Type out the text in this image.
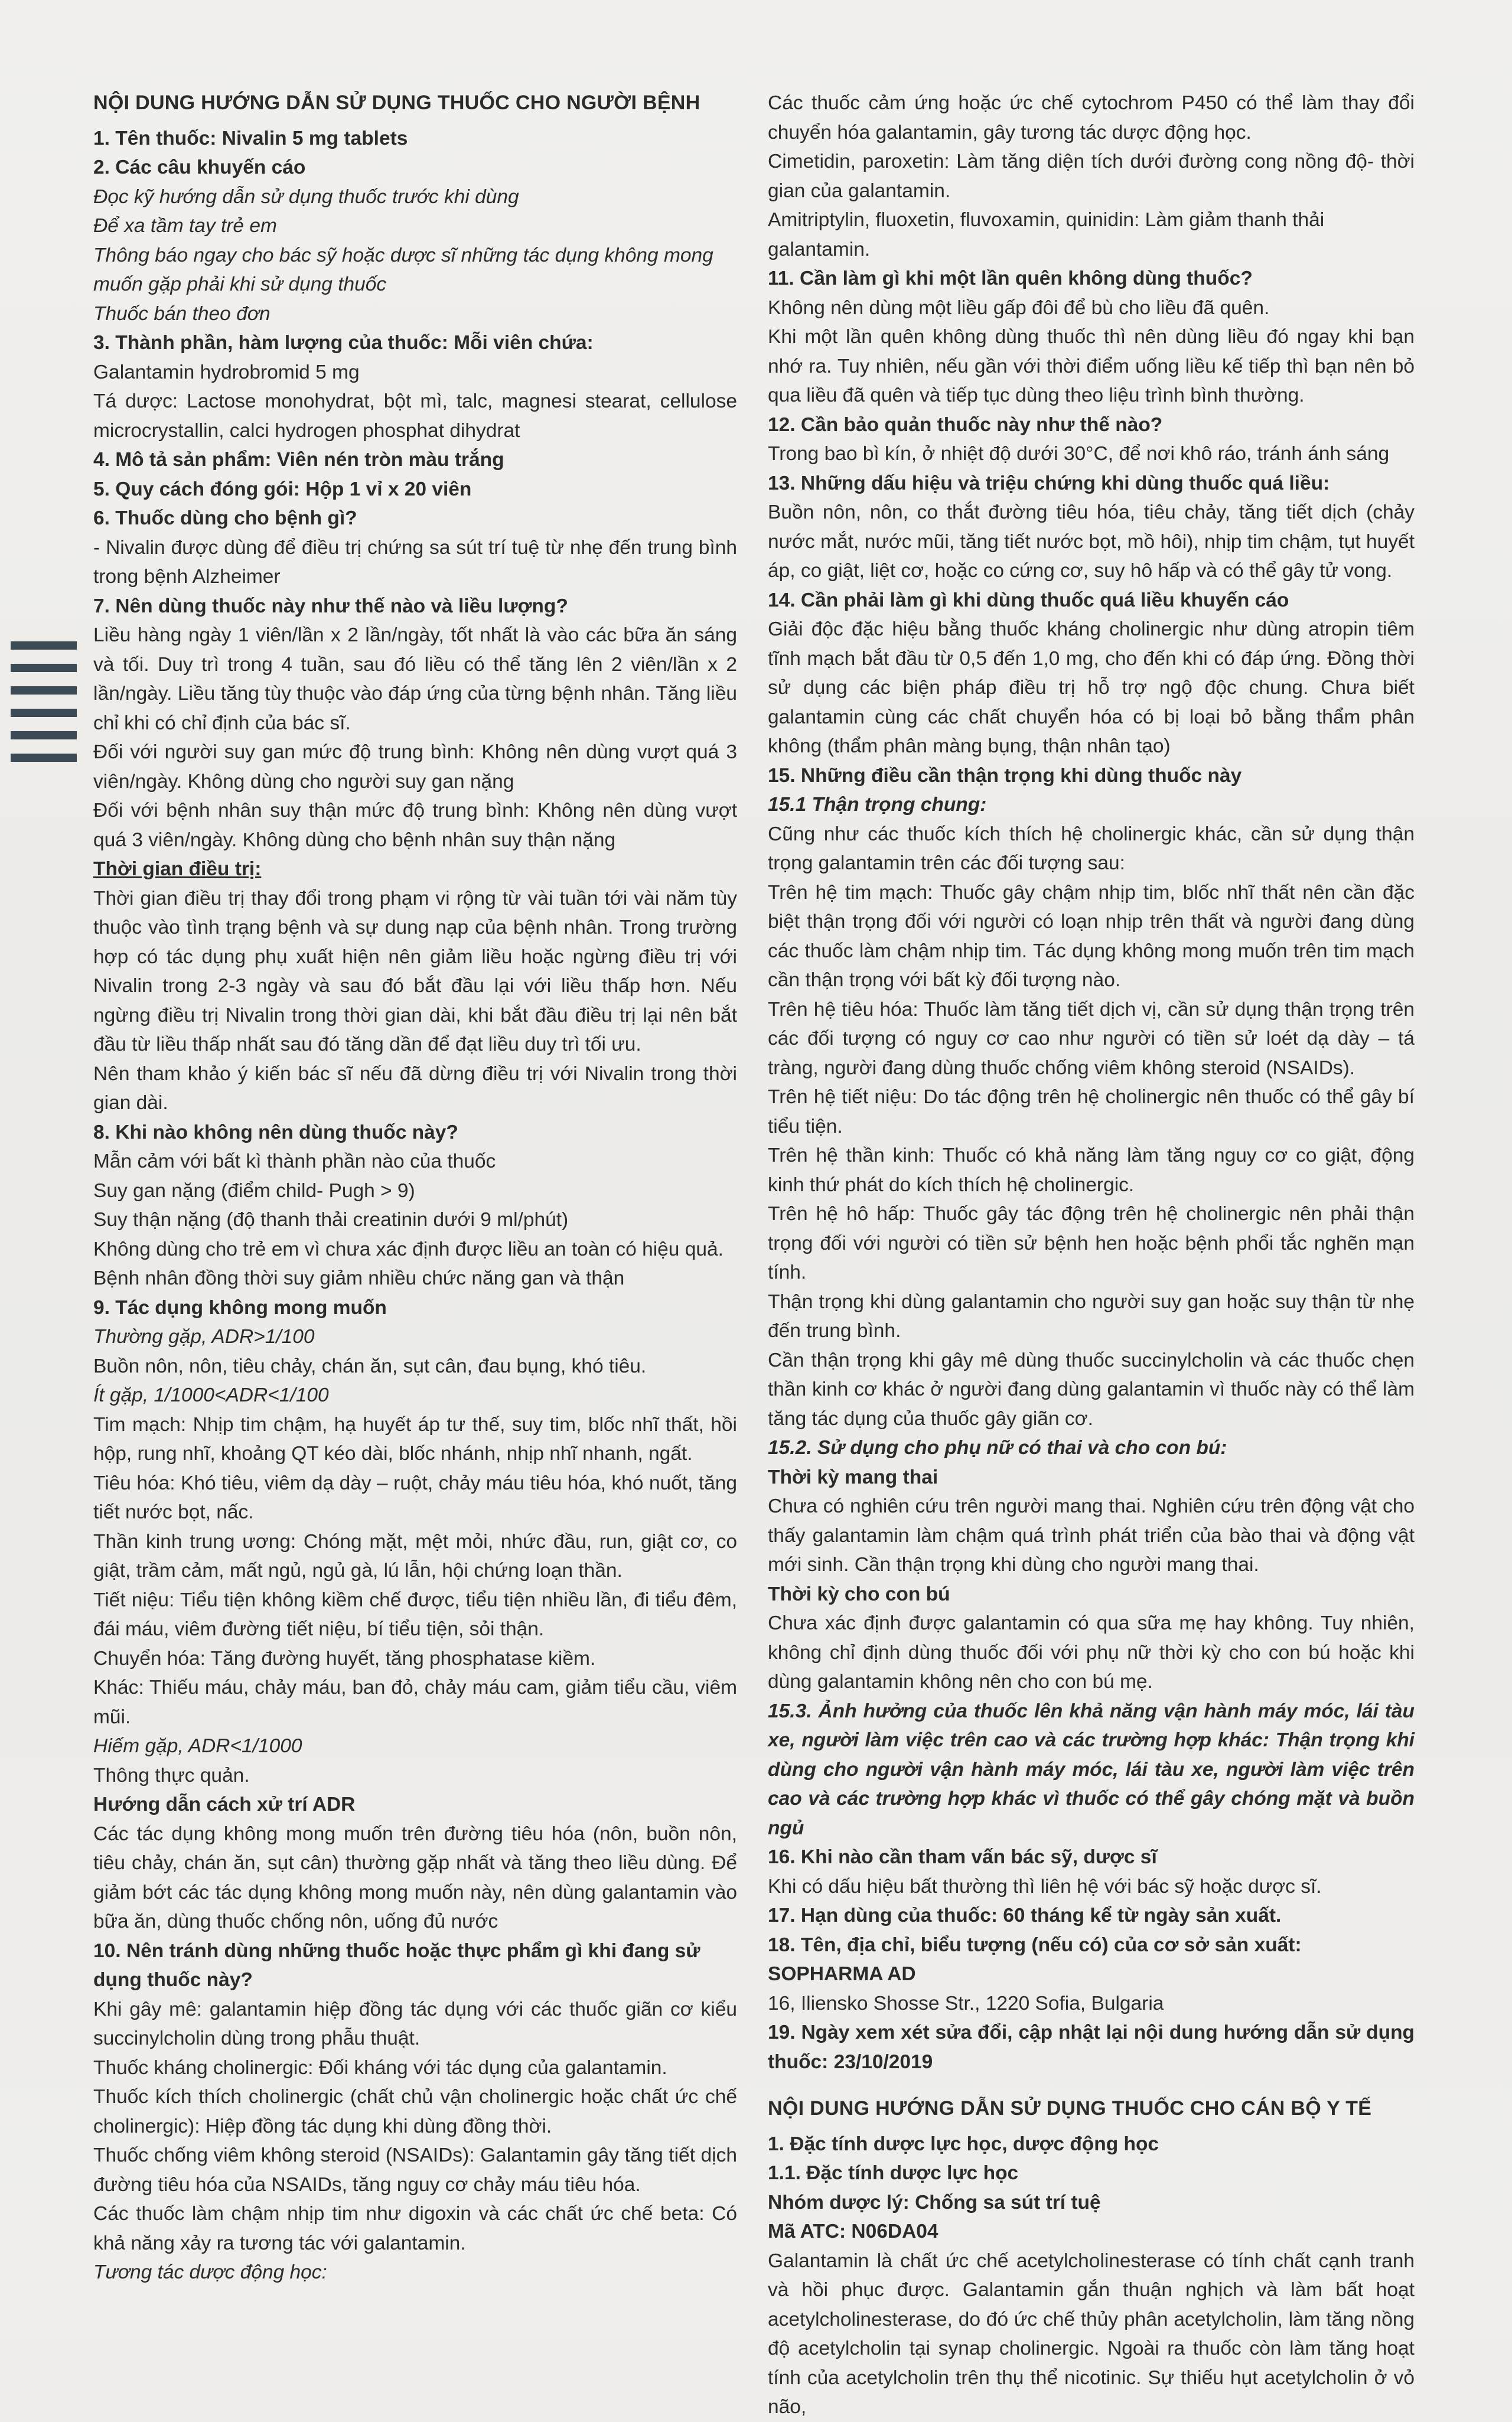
NỘI DUNG HƯỚNG DẪN SỬ DỤNG THUỐC CHO NGƯỜI BỆNH

1. Tên thuốc: Nivalin 5 mg tablets

2. Các câu khuyến cáo

Đọc kỹ hướng dẫn sử dụng thuốc trước khi dùng

Để xa tầm tay trẻ em

Thông báo ngay cho bác sỹ hoặc dược sĩ những tác dụng không mong muốn gặp phải khi sử dụng thuốc

Thuốc bán theo đơn

3. Thành phần, hàm lượng của thuốc: Mỗi viên chứa:

Galantamin hydrobromid 5 mg

Tá dược: Lactose monohydrat, bột mì, talc, magnesi stearat, cellulose microcrystallin, calci hydrogen phosphat dihydrat

4. Mô tả sản phẩm: Viên nén tròn màu trắng

5. Quy cách đóng gói: Hộp 1 vỉ x 20 viên

6. Thuốc dùng cho bệnh gì?

- Nivalin được dùng để điều trị chứng sa sút trí tuệ từ nhẹ đến trung bình trong bệnh Alzheimer

7. Nên dùng thuốc này như thế nào và liều lượng?

Liều hàng ngày 1 viên/lần x 2 lần/ngày, tốt nhất là vào các bữa ăn sáng và tối. Duy trì trong 4 tuần, sau đó liều có thể tăng lên 2 viên/lần x 2 lần/ngày. Liều tăng tùy thuộc vào đáp ứng của từng bệnh nhân. Tăng liều chỉ khi có chỉ định của bác sĩ.

Đối với người suy gan mức độ trung bình: Không nên dùng vượt quá 3 viên/ngày. Không dùng cho người suy gan nặng

Đối với bệnh nhân suy thận mức độ trung bình: Không nên dùng vượt quá 3 viên/ngày. Không dùng cho bệnh nhân suy thận nặng

Thời gian điều trị:

Thời gian điều trị thay đổi trong phạm vi rộng từ vài tuần tới vài năm tùy thuộc vào tình trạng bệnh và sự dung nạp của bệnh nhân. Trong trường hợp có tác dụng phụ xuất hiện nên giảm liều hoặc ngừng điều trị với Nivalin trong 2-3 ngày và sau đó bắt đầu lại với liều thấp hơn. Nếu ngừng điều trị Nivalin trong thời gian dài, khi bắt đầu điều trị lại nên bắt đầu từ liều thấp nhất sau đó tăng dần để đạt liều duy trì tối ưu.

Nên tham khảo ý kiến bác sĩ nếu đã dừng điều trị với Nivalin trong thời gian dài.

8. Khi nào không nên dùng thuốc này?

Mẫn cảm với bất kì thành phần nào của thuốc

Suy gan nặng (điểm child- Pugh > 9)

Suy thận nặng (độ thanh thải creatinin dưới 9 ml/phút)

Không dùng cho trẻ em vì chưa xác định được liều an toàn có hiệu quả.

Bệnh nhân đồng thời suy giảm nhiều chức năng gan và thận

9. Tác dụng không mong muốn

Thường gặp, ADR>1/100

Buồn nôn, nôn, tiêu chảy, chán ăn, sụt cân, đau bụng, khó tiêu.

Ít gặp, 1/1000<ADR<1/100

Tim mạch: Nhịp tim chậm, hạ huyết áp tư thế, suy tim, blốc nhĩ thất, hồi hộp, rung nhĩ, khoảng QT kéo dài, blốc nhánh, nhịp nhĩ nhanh, ngất.

Tiêu hóa: Khó tiêu, viêm dạ dày – ruột, chảy máu tiêu hóa, khó nuốt, tăng tiết nước bọt, nấc.

Thần kinh trung ương: Chóng mặt, mệt mỏi, nhức đầu, run, giật cơ, co giật, trầm cảm, mất ngủ, ngủ gà, lú lẫn, hội chứng loạn thần.

Tiết niệu: Tiểu tiện không kiềm chế được, tiểu tiện nhiều lần, đi tiểu đêm, đái máu, viêm đường tiết niệu, bí tiểu tiện, sỏi thận.

Chuyển hóa: Tăng đường huyết, tăng phosphatase kiềm.

Khác: Thiếu máu, chảy máu, ban đỏ, chảy máu cam, giảm tiểu cầu, viêm mũi.

Hiếm gặp, ADR<1/1000

Thông thực quản.

Hướng dẫn cách xử trí ADR

Các tác dụng không mong muốn trên đường tiêu hóa (nôn, buồn nôn, tiêu chảy, chán ăn, sụt cân) thường gặp nhất và tăng theo liều dùng. Để giảm bớt các tác dụng không mong muốn này, nên dùng galantamin vào bữa ăn, dùng thuốc chống nôn, uống đủ nước

10. Nên tránh dùng những thuốc hoặc thực phẩm gì khi đang sử dụng thuốc này?

Khi gây mê: galantamin hiệp đồng tác dụng với các thuốc giãn cơ kiểu succinylcholin dùng trong phẫu thuật.

Thuốc kháng cholinergic: Đối kháng với tác dụng của galantamin.

Thuốc kích thích cholinergic (chất chủ vận cholinergic hoặc chất ức chế cholinergic): Hiệp đồng tác dụng khi dùng đồng thời.

Thuốc chống viêm không steroid (NSAIDs): Galantamin gây tăng tiết dịch đường tiêu hóa của NSAIDs, tăng nguy cơ chảy máu tiêu hóa.

Các thuốc làm chậm nhịp tim như digoxin và các chất ức chế beta: Có khả năng xảy ra tương tác với galantamin.

Tương tác dược động học:

Các thuốc cảm ứng hoặc ức chế cytochrom P450 có thể làm thay đổi chuyển hóa galantamin, gây tương tác dược động học.

Cimetidin, paroxetin: Làm tăng diện tích dưới đường cong nồng độ- thời gian của galantamin.

Amitriptylin, fluoxetin, fluvoxamin, quinidin: Làm giảm thanh thải galantamin.

11. Cần làm gì khi một lần quên không dùng thuốc?

Không nên dùng một liều gấp đôi để bù cho liều đã quên.

Khi một lần quên không dùng thuốc thì nên dùng liều đó ngay khi bạn nhớ ra. Tuy nhiên, nếu gần với thời điểm uống liều kế tiếp thì bạn nên bỏ qua liều đã quên và tiếp tục dùng theo liệu trình bình thường.

12. Cần bảo quản thuốc này như thế nào?

Trong bao bì kín, ở nhiệt độ dưới 30°C, để nơi khô ráo, tránh ánh sáng

13. Những dấu hiệu và triệu chứng khi dùng thuốc quá liều:

Buồn nôn, nôn, co thắt đường tiêu hóa, tiêu chảy, tăng tiết dịch (chảy nước mắt, nước mũi, tăng tiết nước bọt, mồ hôi), nhịp tim chậm, tụt huyết áp, co giật, liệt cơ, hoặc co cứng cơ, suy hô hấp và có thể gây tử vong.

14. Cần phải làm gì khi dùng thuốc quá liều khuyến cáo

Giải độc đặc hiệu bằng thuốc kháng cholinergic như dùng atropin tiêm tĩnh mạch bắt đầu từ 0,5 đến 1,0 mg, cho đến khi có đáp ứng. Đồng thời sử dụng các biện pháp điều trị hỗ trợ ngộ độc chung. Chưa biết galantamin cùng các chất chuyển hóa có bị loại bỏ bằng thẩm phân không (thẩm phân màng bụng, thận nhân tạo)

15. Những điều cần thận trọng khi dùng thuốc này

15.1 Thận trọng chung:

Cũng như các thuốc kích thích hệ cholinergic khác, cần sử dụng thận trọng galantamin trên các đối tượng sau:

Trên hệ tim mạch: Thuốc gây chậm nhịp tim, blốc nhĩ thất nên cần đặc biệt thận trọng đối với người có loạn nhịp trên thất và người đang dùng các thuốc làm chậm nhịp tim. Tác dụng không mong muốn trên tim mạch cần thận trọng với bất kỳ đối tượng nào.

Trên hệ tiêu hóa: Thuốc làm tăng tiết dịch vị, cần sử dụng thận trọng trên các đối tượng có nguy cơ cao như người có tiền sử loét dạ dày – tá tràng, người đang dùng thuốc chống viêm không steroid (NSAIDs).

Trên hệ tiết niệu: Do tác động trên hệ cholinergic nên thuốc có thể gây bí tiểu tiện.

Trên hệ thần kinh: Thuốc có khả năng làm tăng nguy cơ co giật, động kinh thứ phát do kích thích hệ cholinergic.

Trên hệ hô hấp: Thuốc gây tác động trên hệ cholinergic nên phải thận trọng đối với người có tiền sử bệnh hen hoặc bệnh phổi tắc nghẽn mạn tính.

Thận trọng khi dùng galantamin cho người suy gan hoặc suy thận từ nhẹ đến trung bình.

Cần thận trọng khi gây mê dùng thuốc succinylcholin và các thuốc chẹn thần kinh cơ khác ở người đang dùng galantamin vì thuốc này có thể làm tăng tác dụng của thuốc gây giãn cơ.

15.2. Sử dụng cho phụ nữ có thai và cho con bú:

Thời kỳ mang thai

Chưa có nghiên cứu trên người mang thai. Nghiên cứu trên động vật cho thấy galantamin làm chậm quá trình phát triển của bào thai và động vật mới sinh. Cần thận trọng khi dùng cho người mang thai.

Thời kỳ cho con bú

Chưa xác định được galantamin có qua sữa mẹ hay không. Tuy nhiên, không chỉ định dùng thuốc đối với phụ nữ thời kỳ cho con bú hoặc khi dùng galantamin không nên cho con bú mẹ.

15.3. Ảnh hưởng của thuốc lên khả năng vận hành máy móc, lái tàu xe, người làm việc trên cao và các trường hợp khác: Thận trọng khi dùng cho người vận hành máy móc, lái tàu xe, người làm việc trên cao và các trường hợp khác vì thuốc có thể gây chóng mặt và buồn ngủ

16. Khi nào cần tham vấn bác sỹ, dược sĩ

Khi có dấu hiệu bất thường thì liên hệ với bác sỹ hoặc dược sĩ.

17. Hạn dùng của thuốc: 60 tháng kể từ ngày sản xuất.

18. Tên, địa chỉ, biểu tượng (nếu có) của cơ sở sản xuất:

SOPHARMA AD

16, Iliensko Shosse Str., 1220 Sofia, Bulgaria

19. Ngày xem xét sửa đổi, cập nhật lại nội dung hướng dẫn sử dụng thuốc: 23/10/2019

NỘI DUNG HƯỚNG DẪN SỬ DỤNG THUỐC CHO CÁN BỘ Y TẾ

1. Đặc tính dược lực học, dược động học

1.1. Đặc tính dược lực học

Nhóm dược lý: Chống sa sút trí tuệ

Mã ATC: N06DA04

Galantamin là chất ức chế acetylcholinesterase có tính chất cạnh tranh và hồi phục được. Galantamin gắn thuận nghịch và làm bất hoạt acetylcholinesterase, do đó ức chế thủy phân acetylcholin, làm tăng nồng độ acetylcholin tại synap cholinergic. Ngoài ra thuốc còn làm tăng hoạt tính của acetylcholin trên thụ thể nicotinic. Sự thiếu hụt acetylcholin ở vỏ não,
